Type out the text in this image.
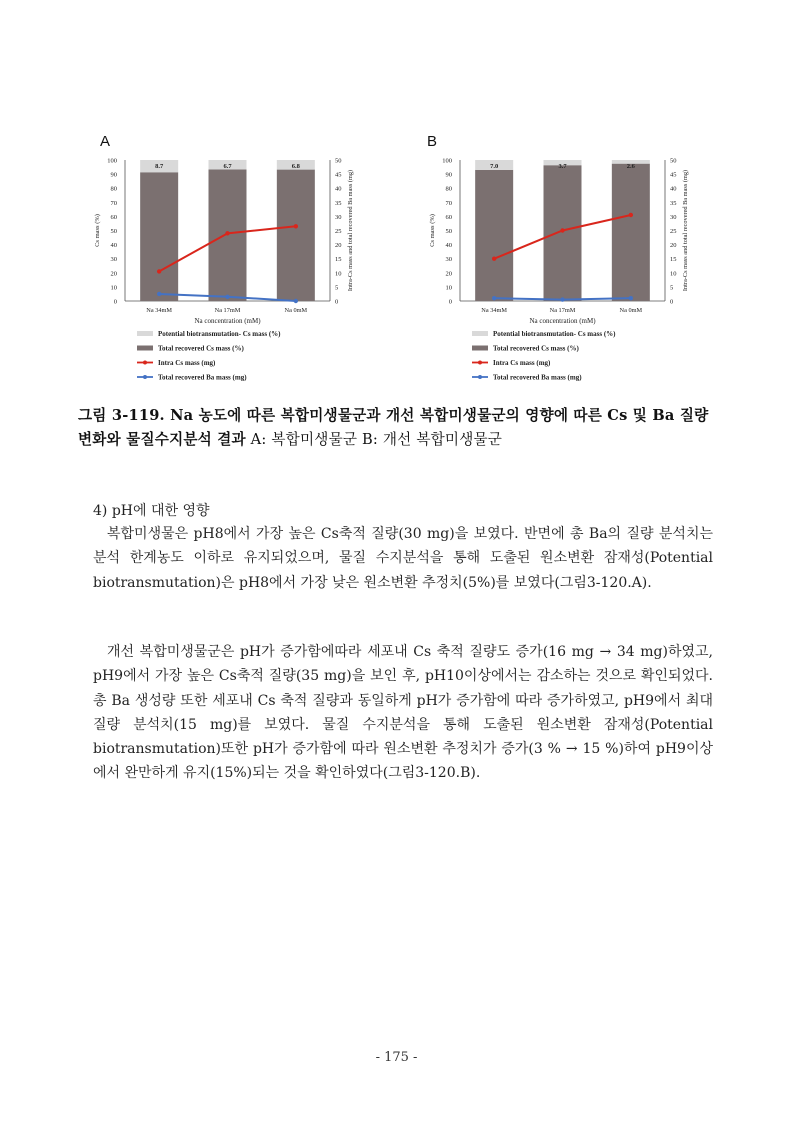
A
0
10
20
30
40
50
60
70
80
90
100
0
5
10
15
20
25
30
35
40
45
50
Cs mass (%)	Intra-Cs mass and total recovered Ba mass (mg)
Na concentration (mM)
8.7
Na 34mM
6.7
Na 17mM
6.8
Na 0mM
Potential biotransmutation- Cs mass (%)
Total recovered Cs mass (%)
Intra Cs mass (mg)
Total recovered Ba mass (mg)
B
0
10
20
30
40
50
60
70
80
90
100
0
5
10
15
20
25
30
35
40
45
50
Cs mass (%)	Intra-Cs mass and total recovered Ba mass (mg)
Na concentration (mM)
7.0
Na 34mM
3.7
Na 17mM
2.6
Na 0mM
Potential biotransmutation- Cs mass (%)
Total recovered Cs mass (%)
Intra Cs mass (mg)
Total recovered Ba mass (mg)
그림 3-119. Na 농도에 따른 복합미생물군과 개선 복합미생물군의 영향에 따른 Cs 및 Ba 질량변화와 물질수지분석 결과 A: 복합미생물군 B: 개선 복합미생물군
4) pH에 대한 영향
복합미생물은 pH8에서 가장 높은 Cs축적 질량(30 mg)을 보였다. 반면에 총 Ba의 질량 분석치는 분석 한계농도 이하로 유지되었으며, 물질 수지분석을 통해 도출된 원소변환 잠재성(Potential biotransmutation)은 pH8에서 가장 낮은 원소변환 추정치(5%)를 보였다(그림3-120.A).
개선 복합미생물군은 pH가 증가함에따라 세포내 Cs 축적 질량도 증가(16 mg → 34 mg)하였고, pH9에서 가장 높은 Cs축적 질량(35 mg)을 보인 후, pH10이상에서는 감소하는 것으로 확인되었다. 총 Ba 생성량 또한 세포내 Cs 축적 질량과 동일하게 pH가 증가함에 따라 증가하였고, pH9에서 최대 질량 분석치(15 mg)를 보였다. 물질 수지분석을 통해 도출된 원소변환 잠재성(Potential biotransmutation)또한 pH가 증가함에 따라 원소변환 추정치가 증가(3 % → 15 %)하여 pH9이상에서 완만하게 유지(15%)되는 것을 확인하였다(그림3-120.B).
- 175 -
